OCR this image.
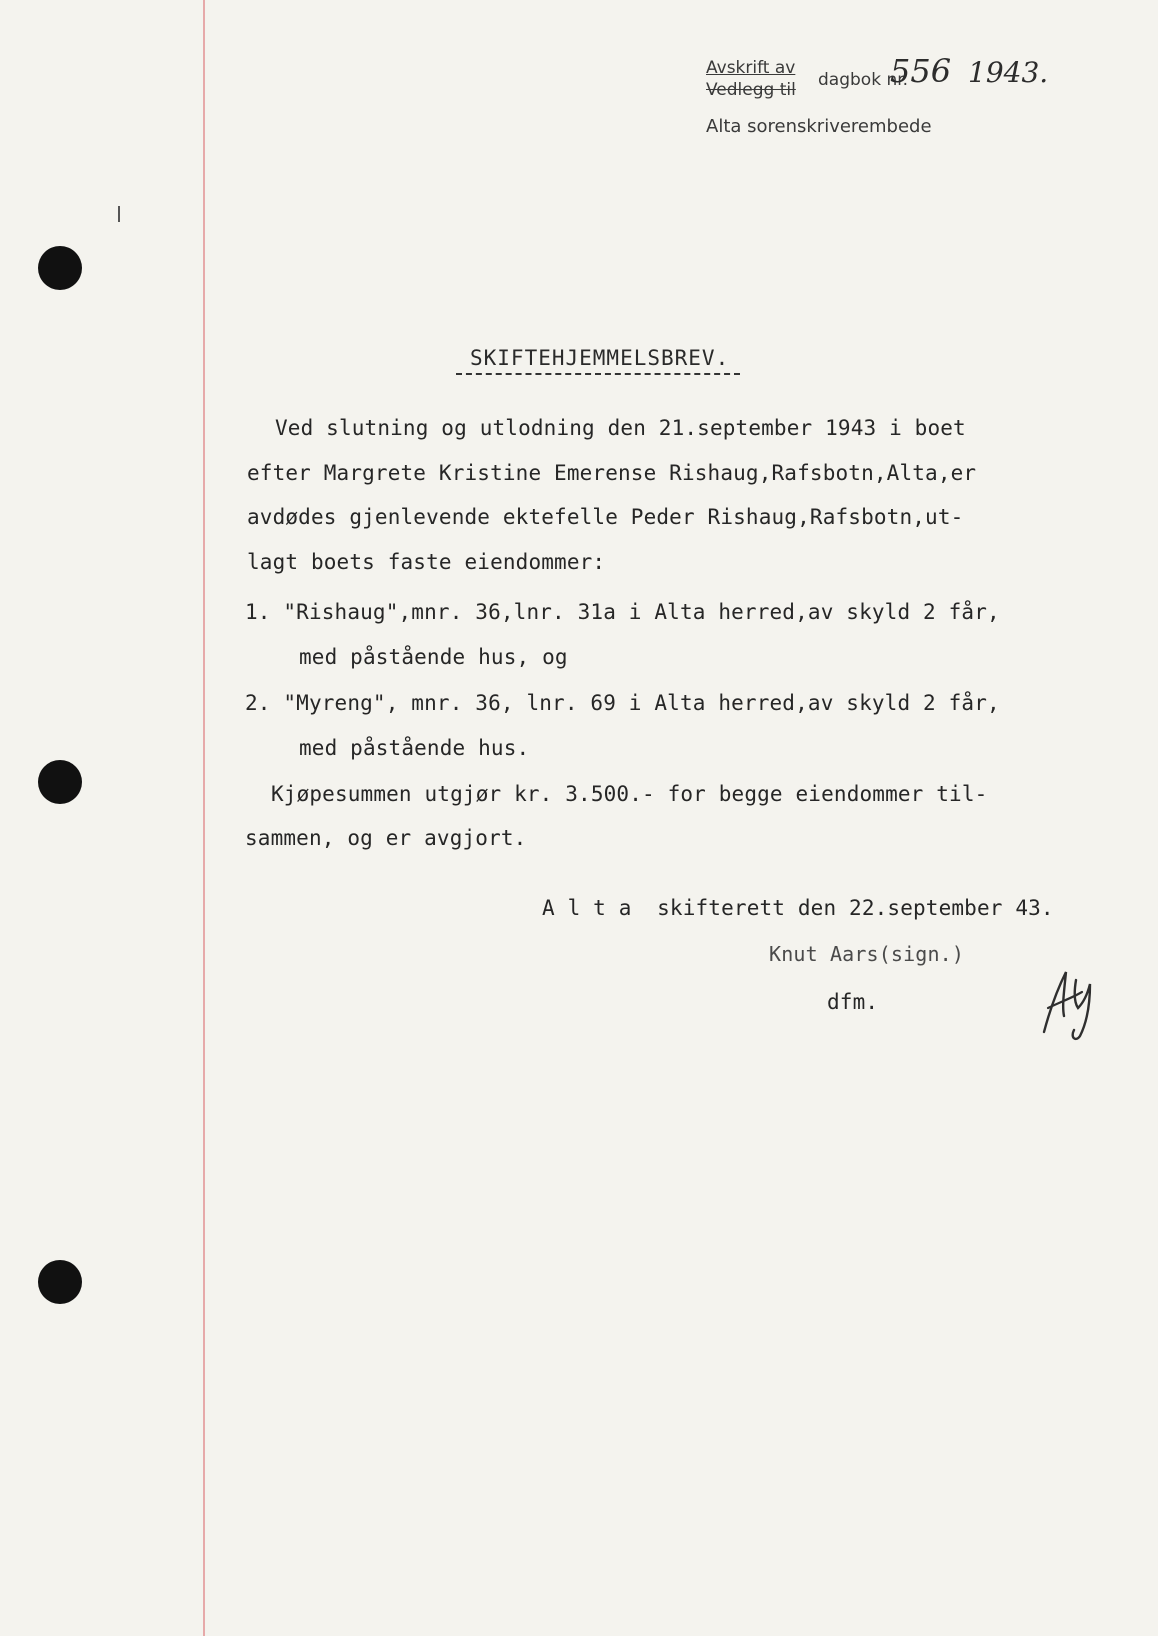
Avskrift av
Vedlegg til dagbok nr.
556 1943.
Alta sorenskriverembede
SKIFTEHJEMMELSBREV.
Ved slutning og utlodning den 21.september 1943 i boet
efter Margrete Kristine Emerense Rishaug,Rafsbotn,Alta,er
avdødes gjenlevende ektefelle Peder Rishaug,Rafsbotn,ut-
lagt boets faste eiendommer:
1. "Rishaug",mnr. 36,lnr. 31a i Alta herred,av skyld 2 får,
med påstående hus, og
2. "Myreng", mnr. 36, lnr. 69 i Alta herred,av skyld 2 får,
med påstående hus.
Kjøpesummen utgjør kr. 3.500.- for begge eiendommer til-
sammen, og er avgjort.
A l t a  skifterett den 22.september 43.
Knut Aars(sign.)
dfm.
